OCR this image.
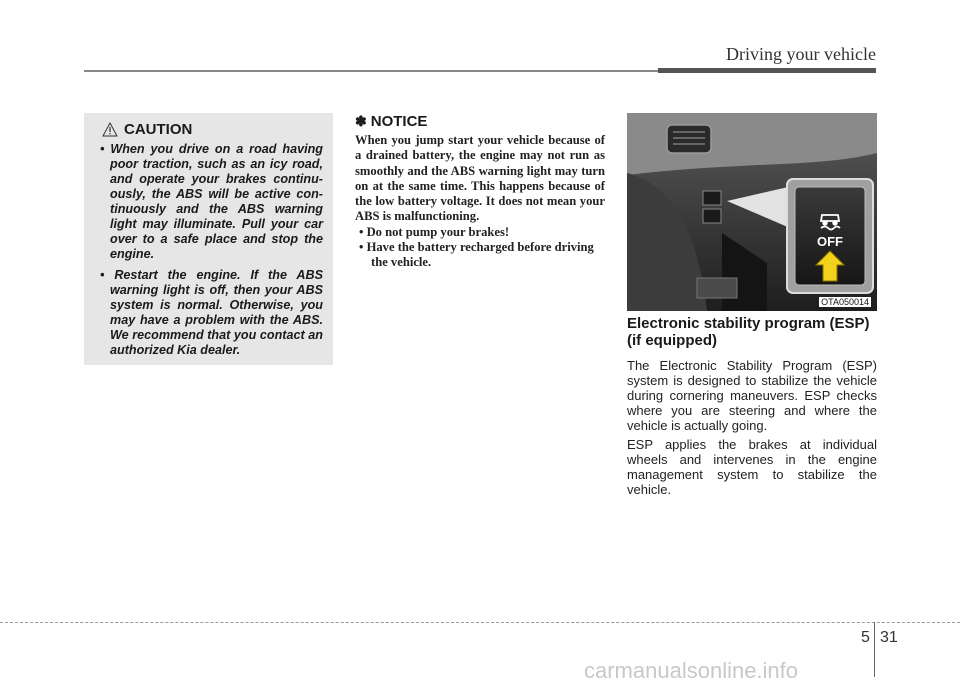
Driving your vehicle
CAUTION
• When you drive on a road having poor traction, such as an icy road, and operate your brakes continu-ously, the ABS will be active con-tinuously and the ABS warning light may illuminate. Pull your car over to a safe place and stop the engine.
• Restart the engine. If the ABS warning light is off, then your ABS system is normal. Otherwise, you may have a problem with the ABS. We recommend that you contact an authorized Kia dealer.
✽ NOTICE
When you jump start your vehicle because of a drained battery, the engine may not run as smoothly and the ABS warning light may turn on at the same time. This happens because of the low battery voltage. It does not mean your ABS is malfunctioning.
• Do not pump your brakes!
• Have the battery recharged before driving the vehicle.
OFF
OTA050014
Electronic stability program (ESP) (if equipped)

The Electronic Stability Program (ESP) system is designed to stabilize the vehicle during cornering maneuvers. ESP checks where you are steering and where the vehicle is actually going.

ESP applies the brakes at individual wheels and intervenes in the engine management system to stabilize the vehicle.

5 31
carmanualsonline.info
